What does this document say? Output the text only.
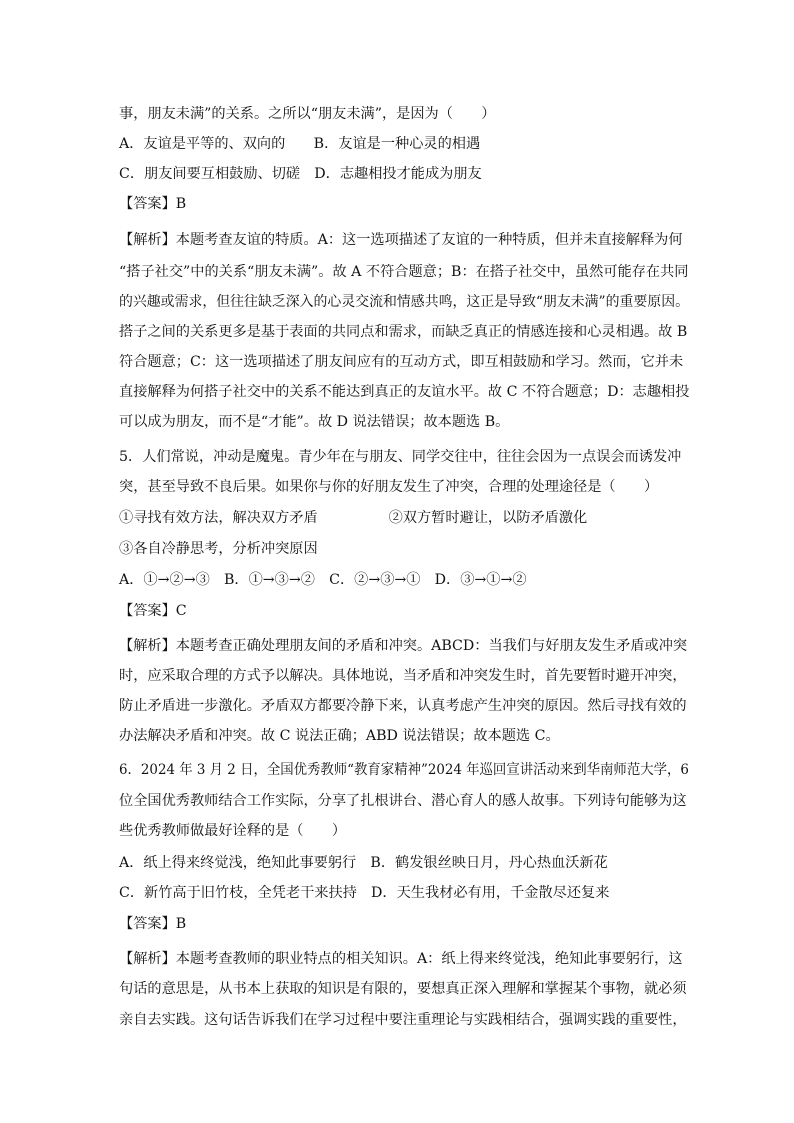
事，朋友未满”的关系。之所以“朋友未满”，是因为（　　）
A．友谊是平等的、双向的　　B．友谊是一种心灵的相遇
C．朋友间要互相鼓励、切磋　D．志趣相投才能成为朋友
【答案】B
【解析】本题考查友谊的特质。A：这一选项描述了友谊的一种特质，但并未直接解释为何
“搭子社交”中的关系“朋友未满”。故 A 不符合题意；B：在搭子社交中，虽然可能存在共同
的兴趣或需求，但往往缺乏深入的心灵交流和情感共鸣，这正是导致“朋友未满”的重要原因。
搭子之间的关系更多是基于表面的共同点和需求，而缺乏真正的情感连接和心灵相遇。故 B
符合题意；C：这一选项描述了朋友间应有的互动方式，即互相鼓励和学习。然而，它并未
直接解释为何搭子社交中的关系不能达到真正的友谊水平。故 C 不符合题意；D：志趣相投
可以成为朋友，而不是“才能”。故 D 说法错误；故本题选 B。
5．人们常说，冲动是魔鬼。青少年在与朋友、同学交往中，往往会因为一点误会而诱发冲
突，甚至导致不良后果。如果你与你的好朋友发生了冲突，合理的处理途径是（　　）
①寻找有效方法，解决双方矛盾　　　　　②双方暂时避让，以防矛盾激化
③各自冷静思考，分析冲突原因
A．①→②→③　B．①→③→②　C．②→③→①　D．③→①→②
【答案】C
【解析】本题考查正确处理朋友间的矛盾和冲突。ABCD：当我们与好朋友发生矛盾或冲突
时，应采取合理的方式予以解决。具体地说，当矛盾和冲突发生时，首先要暂时避开冲突，
防止矛盾进一步激化。矛盾双方都要冷静下来，认真考虑产生冲突的原因。然后寻找有效的
办法解决矛盾和冲突。故 C 说法正确；ABD 说法错误；故本题选 C。
6．2024 年 3 月 2 日，全国优秀教师“教育家精神”2024 年巡回宣讲活动来到华南师范大学，6
位全国优秀教师结合工作实际，分享了扎根讲台、潜心育人的感人故事。下列诗句能够为这
些优秀教师做最好诠释的是（　　）
A．纸上得来终觉浅，绝知此事要躬行　B．鹤发银丝映日月，丹心热血沃新花
C．新竹高于旧竹枝，全凭老干来扶持　D．天生我材必有用，千金散尽还复来
【答案】B
【解析】本题考查教师的职业特点的相关知识。A：纸上得来终觉浅，绝知此事要躬行，这
句话的意思是，从书本上获取的知识是有限的，要想真正深入理解和掌握某个事物，就必须
亲自去实践。这句话告诉我们在学习过程中要注重理论与实践相结合，强调实践的重要性，
